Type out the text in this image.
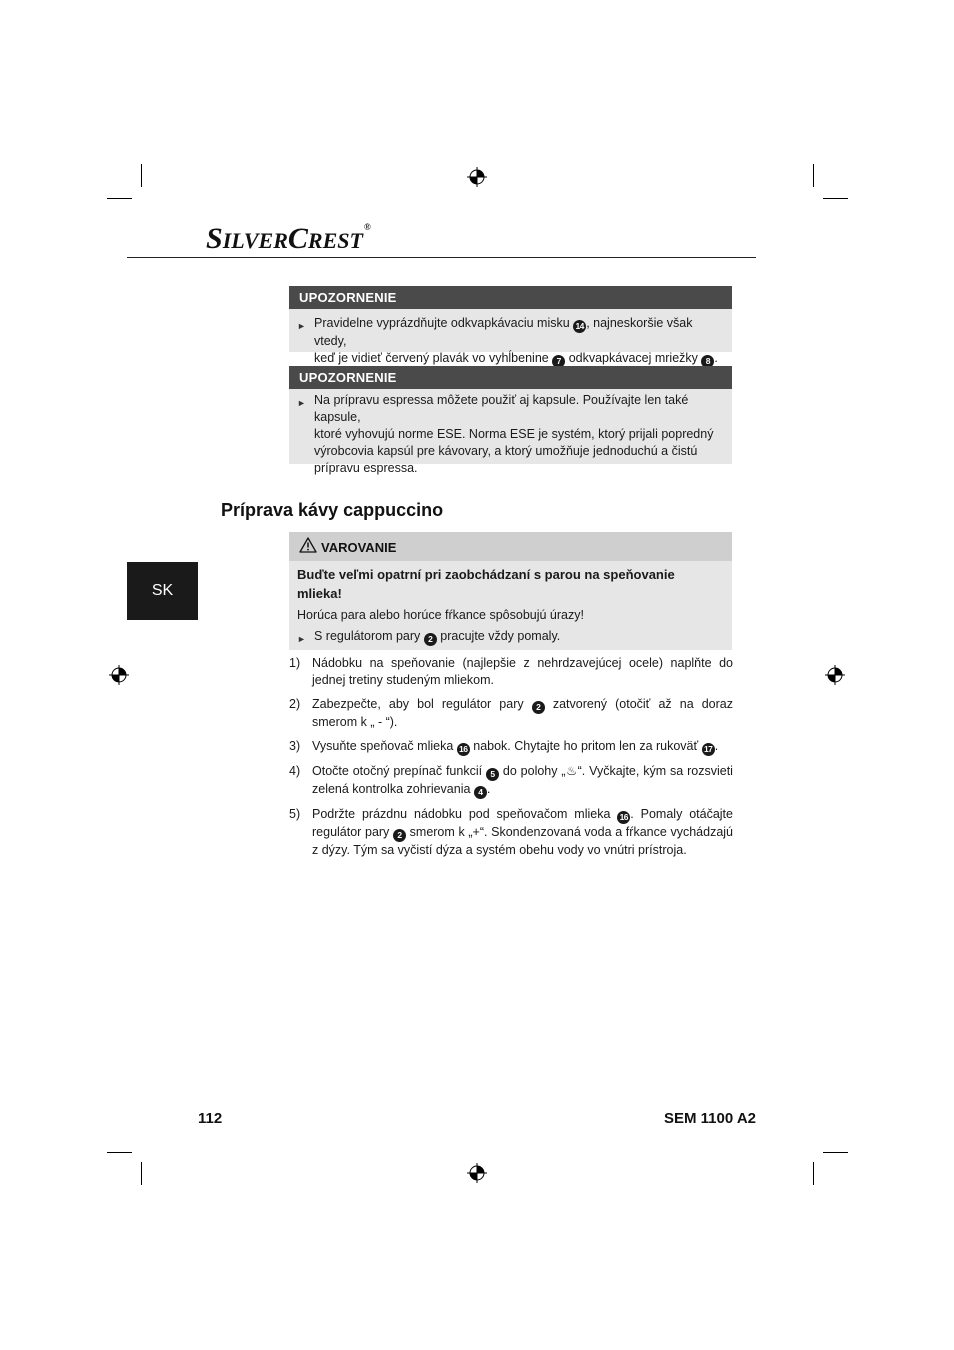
SILVERCREST®
UPOZORNENIE
► Pravidelne vyprázdňujte odkvapkávaciu misku 14 , najneskoršie však vtedy,
keď je vidieť červený plavák vo vyhĺbenine 7 odkvapkávacej mriežky 8 .
UPOZORNENIE
► Na prípravu espressa môžete použiť aj kapsule. Používajte len také kapsule,
ktoré vyhovujú norme ESE. Norma ESE je systém, ktorý prijali popredný
výrobcovia kapsúl pre kávovary, a ktorý umožňuje jednoduchú a čistú
prípravu espressa.
Príprava kávy cappuccino
SK
VAROVANIE
Buďte veľmi opatrní pri zaobchádzaní s parou na speňovanie
mlieka!
Horúca para alebo horúce fŕkance spôsobujú úrazy!
► S regulátorom pary 2 pracujte vždy pomaly.
1) Nádobku na speňovanie (najlepšie z nehrdzavejúcej ocele) naplňte do jednej tretiny studeným mliekom.
2) Zabezpečte, aby bol regulátor pary 2 zatvorený (otočiť až na doraz smerom k „ - “).
3) Vysuňte speňovač mlieka 16 nabok. Chytajte ho pritom len za rukoväť 17 .
4) Otočte otočný prepínač funkcií 5 do polohy „♨“. Vyčkajte, kým sa rozsvieti zelená kontrolka zohrievania 4 .
5) Podržte prázdnu nádobku pod speňovačom mlieka 16 . Pomaly otáčajte regulátor pary 2 smerom k „+“. Skondenzovaná voda a fŕkance vychádzajú z dýzy. Tým sa vyčistí dýza a systém obehu vody vo vnútri prístroja.
112	SEM 1100 A2
